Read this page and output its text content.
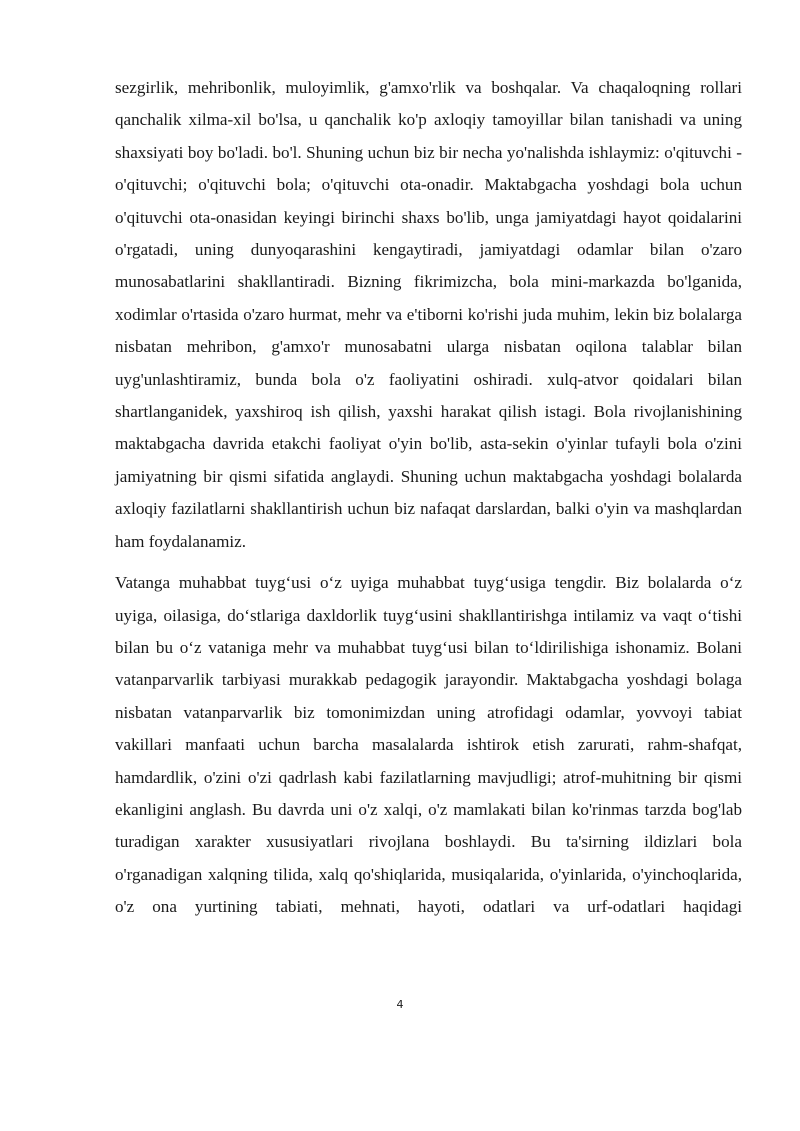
sezgirlik, mehribonlik, muloyimlik, g'amxo'rlik va boshqalar. Va chaqaloqning rollari qanchalik xilma-xil bo'lsa, u qanchalik ko'p axloqiy tamoyillar bilan tanishadi va uning shaxsiyati boy bo'ladi. bo'l. Shuning uchun biz bir necha yo'nalishda ishlaymiz: o'qituvchi - o'qituvchi; o'qituvchi bola; o'qituvchi ota-onadir. Maktabgacha yoshdagi bola uchun o'qituvchi ota-onasidan keyingi birinchi shaxs bo'lib, unga jamiyatdagi hayot qoidalarini o'rgatadi, uning dunyoqarashini kengaytiradi, jamiyatdagi odamlar bilan o'zaro munosabatlarini shakllantiradi. Bizning fikrimizcha, bola mini-markazda bo'lganida, xodimlar o'rtasida o'zaro hurmat, mehr va e'tiborni ko'rishi juda muhim, lekin biz bolalarga nisbatan mehribon, g'amxo'r munosabatni ularga nisbatan oqilona talablar bilan uyg'unlashtiramiz, bunda bola o'z faoliyatini oshiradi. xulq-atvor qoidalari bilan shartlanganidek, yaxshiroq ish qilish, yaxshi harakat qilish istagi. Bola rivojlanishining maktabgacha davrida etakchi faoliyat o'yin bo'lib, asta-sekin o'yinlar tufayli bola o'zini jamiyatning bir qismi sifatida anglaydi. Shuning uchun maktabgacha yoshdagi bolalarda axloqiy fazilatlarni shakllantirish uchun biz nafaqat darslardan, balki o'yin va mashqlardan ham foydalanamiz.

Vatanga muhabbat tuyg‘usi o‘z uyiga muhabbat tuyg‘usiga tengdir. Biz bolalarda o‘z uyiga, oilasiga, do‘stlariga daxldorlik tuyg‘usini shakllantirishga intilamiz va vaqt o‘tishi bilan bu o‘z vataniga mehr va muhabbat tuyg‘usi bilan to‘ldirilishiga ishonamiz. Bolani vatanparvarlik tarbiyasi murakkab pedagogik jarayondir. Maktabgacha yoshdagi bolaga nisbatan vatanparvarlik biz tomonimizdan uning atrofidagi odamlar, yovvoyi tabiat vakillari manfaati uchun barcha masalalarda ishtirok etish zarurati, rahm-shafqat, hamdardlik, o'zini o'zi qadrlash kabi fazilatlarning mavjudligi; atrof-muhitning bir qismi ekanligini anglash. Bu davrda uni o'z xalqi, o'z mamlakati bilan ko'rinmas tarzda bog'lab turadigan xarakter xususiyatlari rivojlana boshlaydi. Bu ta'sirning ildizlari bola o'rganadigan xalqning tilida, xalq qo'shiqlarida, musiqalarida, o'yinlarida, o'yinchoqlarida, o'z ona yurtining tabiati, mehnati, hayoti, odatlari va urf-odatlari haqidagi

4
